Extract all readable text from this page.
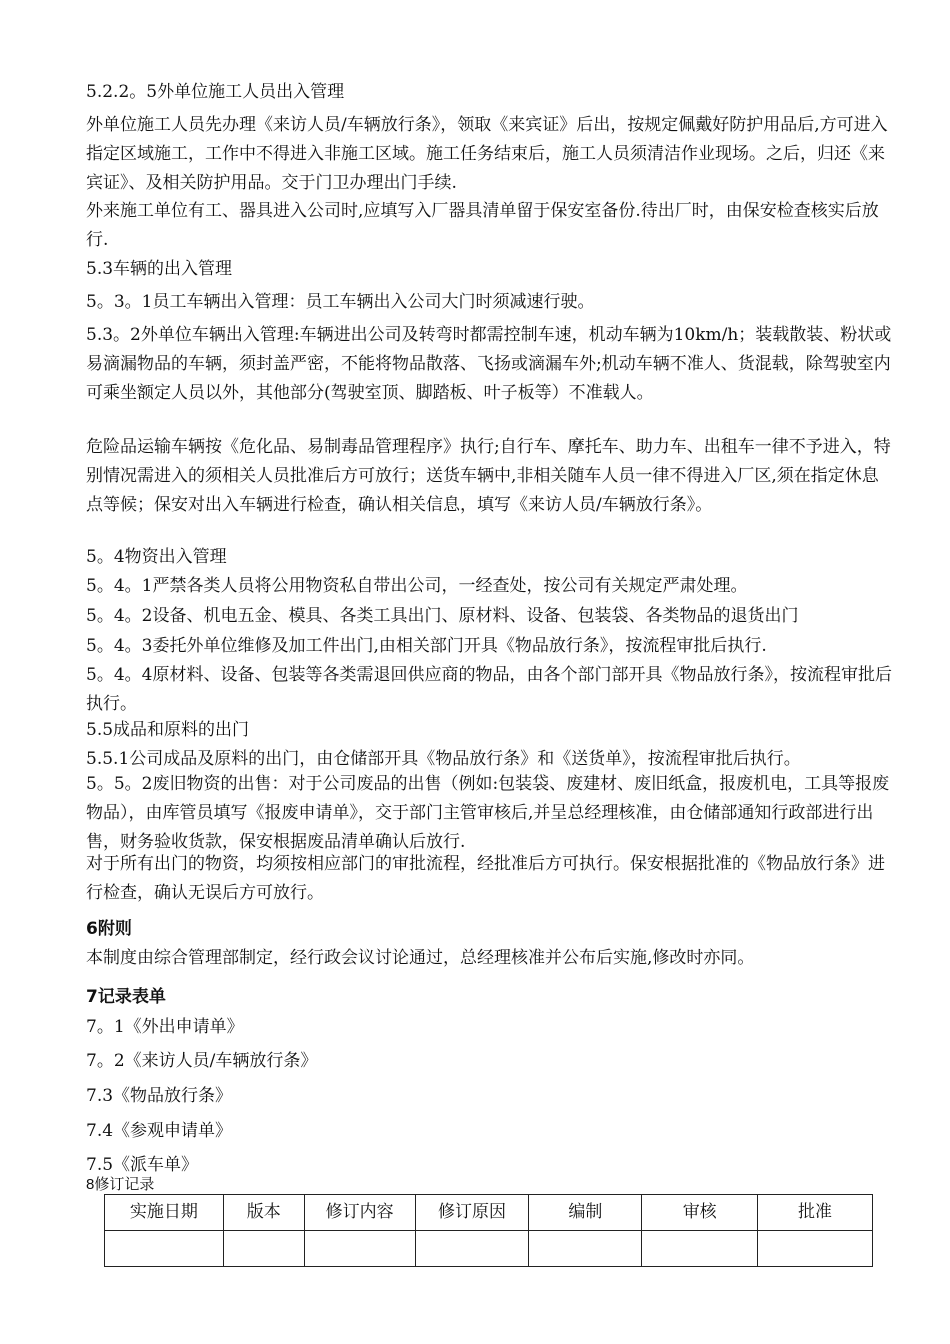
5.2.2。5外单位施工人员出入管理

外单位施工人员先办理《来访人员/车辆放行条》，领取《来宾证》后出，按规定佩戴好防护用品后,方可进入指定区域施工，工作中不得进入非施工区域。施工任务结束后，施工人员须清洁作业现场。之后，归还《来宾证》、及相关防护用品。交于门卫办理出门手续.

外来施工单位有工、器具进入公司时,应填写入厂器具清单留于保安室备份.待出厂时，由保安检查核实后放行.

5.3车辆的出入管理

5。3。1员工车辆出入管理：员工车辆出入公司大门时须减速行驶。

5.3。2外单位车辆出入管理:车辆进出公司及转弯时都需控制车速，机动车辆为10km/h；装载散装、粉状或易滴漏物品的车辆，须封盖严密，不能将物品散落、飞扬或滴漏车外;机动车辆不准人、货混载，除驾驶室内可乘坐额定人员以外，其他部分(驾驶室顶、脚踏板、叶子板等）不准载人。

危险品运输车辆按《危化品、易制毒品管理程序》执行;自行车、摩托车、助力车、出租车一律不予进入，特别情况需进入的须相关人员批准后方可放行；送货车辆中,非相关随车人员一律不得进入厂区,须在指定休息点等候；保安对出入车辆进行检查，确认相关信息，填写《来访人员/车辆放行条》。

5。4物资出入管理

5。4。1严禁各类人员将公用物资私自带出公司，一经查处，按公司有关规定严肃处理。

5。4。2设备、机电五金、模具、各类工具出门、原材料、设备、包装袋、各类物品的退货出门

5。4。3委托外单位维修及加工件出门,由相关部门开具《物品放行条》，按流程审批后执行.

5。4。4原材料、设备、包装等各类需退回供应商的物品，由各个部门部开具《物品放行条》，按流程审批后执行。

5.5成品和原料的出门

5.5.1公司成品及原料的出门，由仓储部开具《物品放行条》和《送货单》，按流程审批后执行。

5。5。2废旧物资的出售：对于公司废品的出售（例如:包装袋、废建材、废旧纸盒，报废机电，工具等报废物品），由库管员填写《报废申请单》，交于部门主管审核后,并呈总经理核准，由仓储部通知行政部进行出售，财务验收货款，保安根据废品清单确认后放行.

对于所有出门的物资，均须按相应部门的审批流程，经批准后方可执行。保安根据批准的《物品放行条》进行检查，确认无误后方可放行。

6附则

本制度由综合管理部制定，经行政会议讨论通过，总经理核准并公布后实施,修改时亦同。

7记录表单

7。1《外出申请单》

7。2《来访人员/车辆放行条》

7.3《物品放行条》

7.4《参观申请单》

7.5《派车单》

8修订记录
实施日期	版本	修订内容	修订原因	编制	审核	批准
